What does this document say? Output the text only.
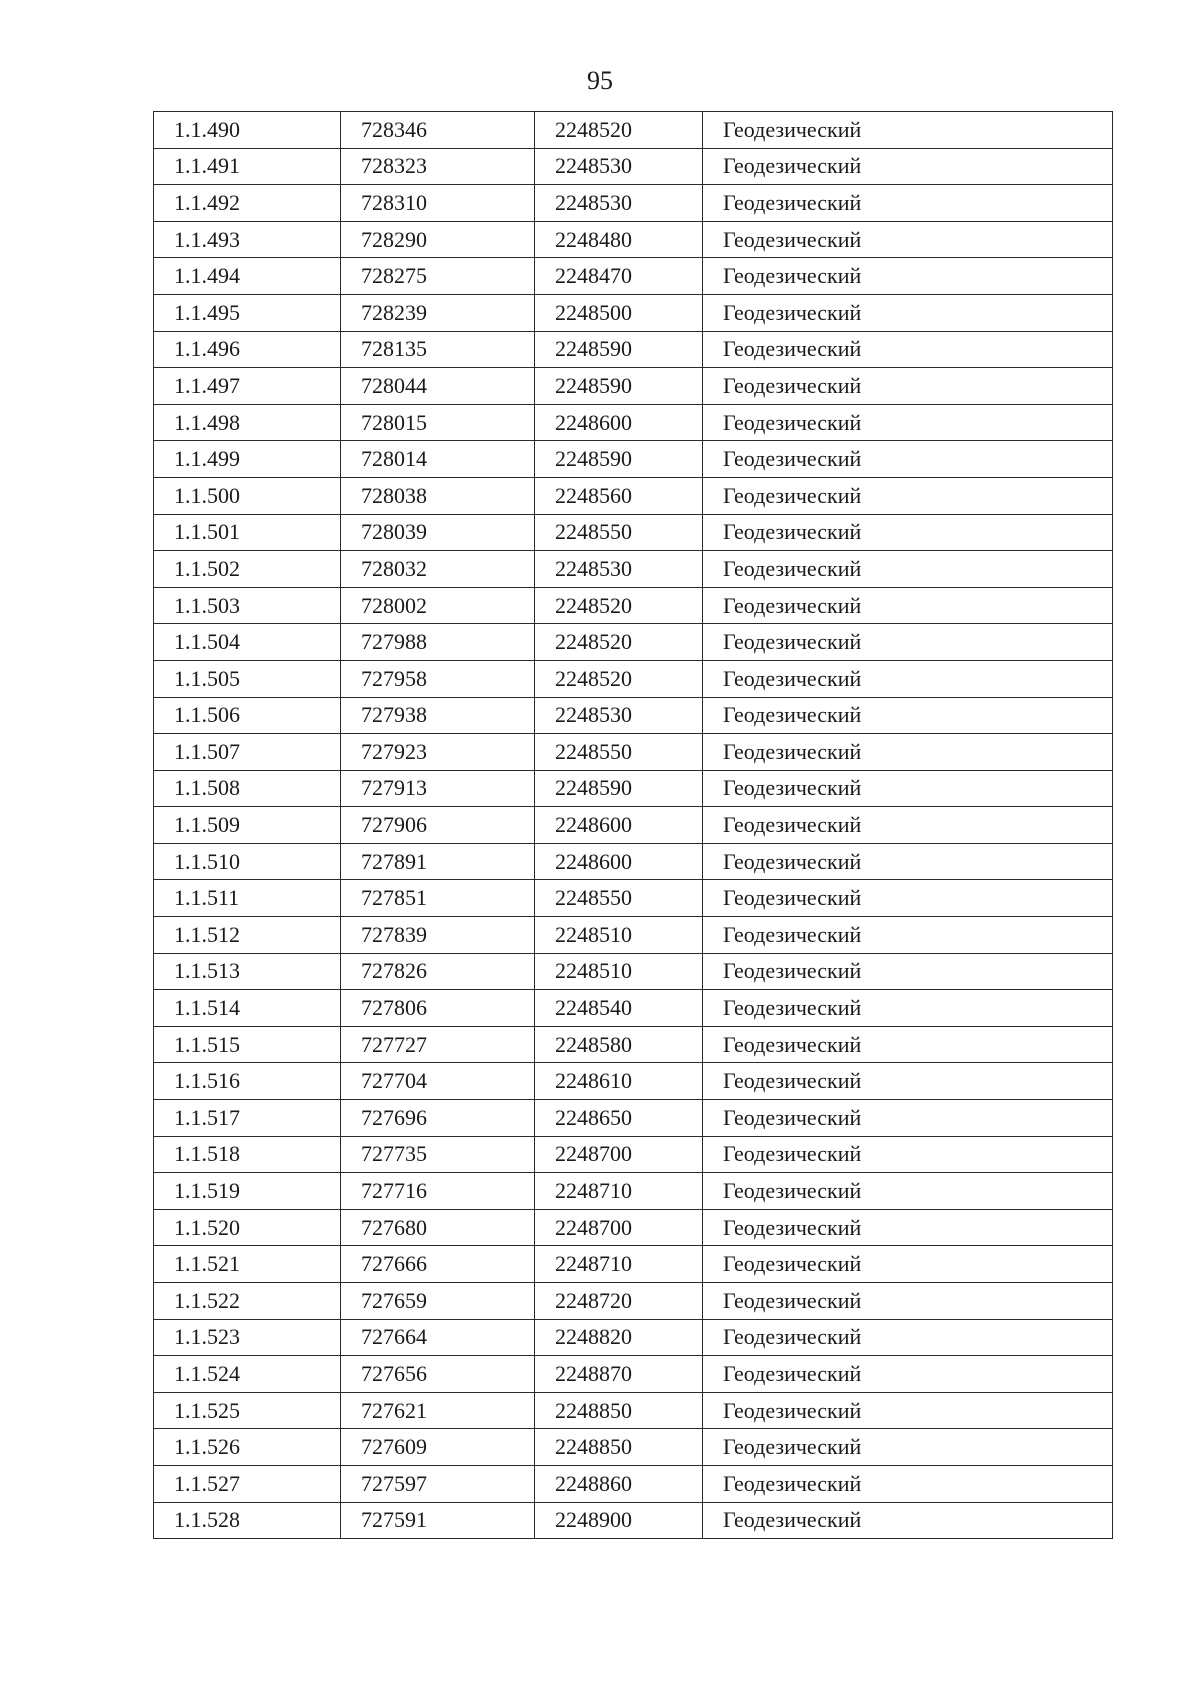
95
1.1.490	728346	2248520	Геодезический
1.1.491	728323	2248530	Геодезический
1.1.492	728310	2248530	Геодезический
1.1.493	728290	2248480	Геодезический
1.1.494	728275	2248470	Геодезический
1.1.495	728239	2248500	Геодезический
1.1.496	728135	2248590	Геодезический
1.1.497	728044	2248590	Геодезический
1.1.498	728015	2248600	Геодезический
1.1.499	728014	2248590	Геодезический
1.1.500	728038	2248560	Геодезический
1.1.501	728039	2248550	Геодезический
1.1.502	728032	2248530	Геодезический
1.1.503	728002	2248520	Геодезический
1.1.504	727988	2248520	Геодезический
1.1.505	727958	2248520	Геодезический
1.1.506	727938	2248530	Геодезический
1.1.507	727923	2248550	Геодезический
1.1.508	727913	2248590	Геодезический
1.1.509	727906	2248600	Геодезический
1.1.510	727891	2248600	Геодезический
1.1.511	727851	2248550	Геодезический
1.1.512	727839	2248510	Геодезический
1.1.513	727826	2248510	Геодезический
1.1.514	727806	2248540	Геодезический
1.1.515	727727	2248580	Геодезический
1.1.516	727704	2248610	Геодезический
1.1.517	727696	2248650	Геодезический
1.1.518	727735	2248700	Геодезический
1.1.519	727716	2248710	Геодезический
1.1.520	727680	2248700	Геодезический
1.1.521	727666	2248710	Геодезический
1.1.522	727659	2248720	Геодезический
1.1.523	727664	2248820	Геодезический
1.1.524	727656	2248870	Геодезический
1.1.525	727621	2248850	Геодезический
1.1.526	727609	2248850	Геодезический
1.1.527	727597	2248860	Геодезический
1.1.528	727591	2248900	Геодезический
